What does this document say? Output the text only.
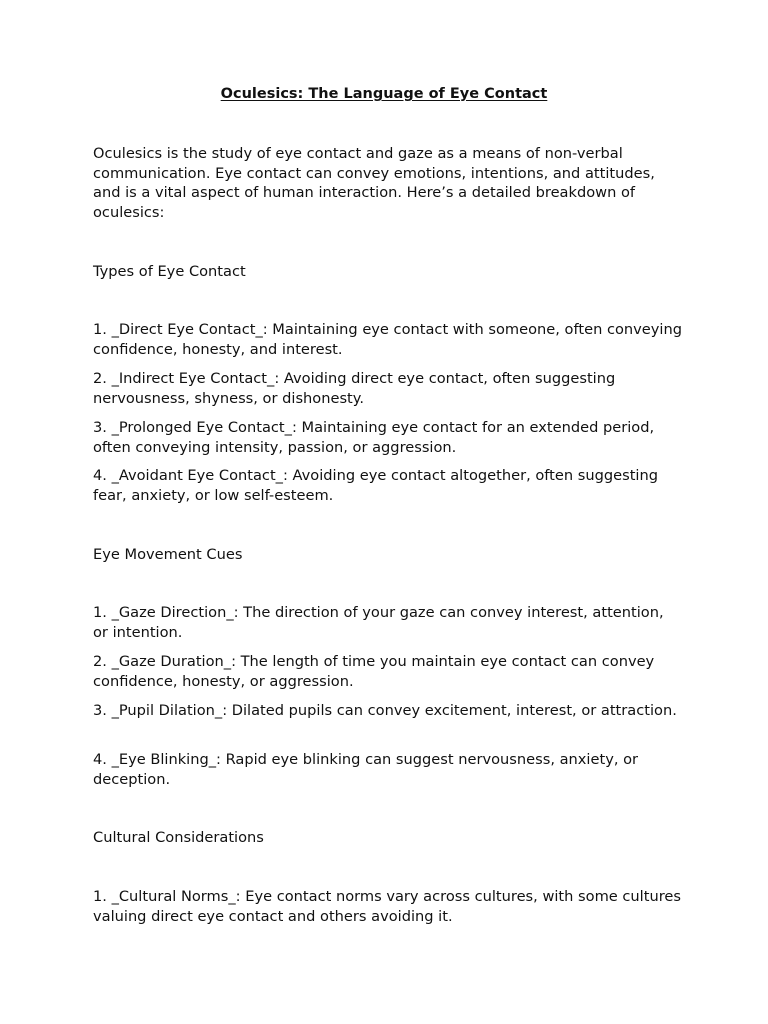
Oculesics: The Language of Eye Contact

Oculesics is the study of eye contact and gaze as a means of non-verbal communication. Eye contact can convey emotions, intentions, and attitudes, and is a vital aspect of human interaction. Here’s a detailed breakdown of oculesics:

Types of Eye Contact

1. _Direct Eye Contact_: Maintaining eye contact with someone, often conveying confidence, honesty, and interest.

2. _Indirect Eye Contact_: Avoiding direct eye contact, often suggesting nervousness, shyness, or dishonesty.

3. _Prolonged Eye Contact_: Maintaining eye contact for an extended period, often conveying intensity, passion, or aggression.

4. _Avoidant Eye Contact_: Avoiding eye contact altogether, often suggesting fear, anxiety, or low self-esteem.

Eye Movement Cues

1. _Gaze Direction_: The direction of your gaze can convey interest, attention, or intention.

2. _Gaze Duration_: The length of time you maintain eye contact can convey confidence, honesty, or aggression.

3. _Pupil Dilation_: Dilated pupils can convey excitement, interest, or attraction.

4. _Eye Blinking_: Rapid eye blinking can suggest nervousness, anxiety, or deception.

Cultural Considerations

1. _Cultural Norms_: Eye contact norms vary across cultures, with some cultures valuing direct eye contact and others avoiding it.
